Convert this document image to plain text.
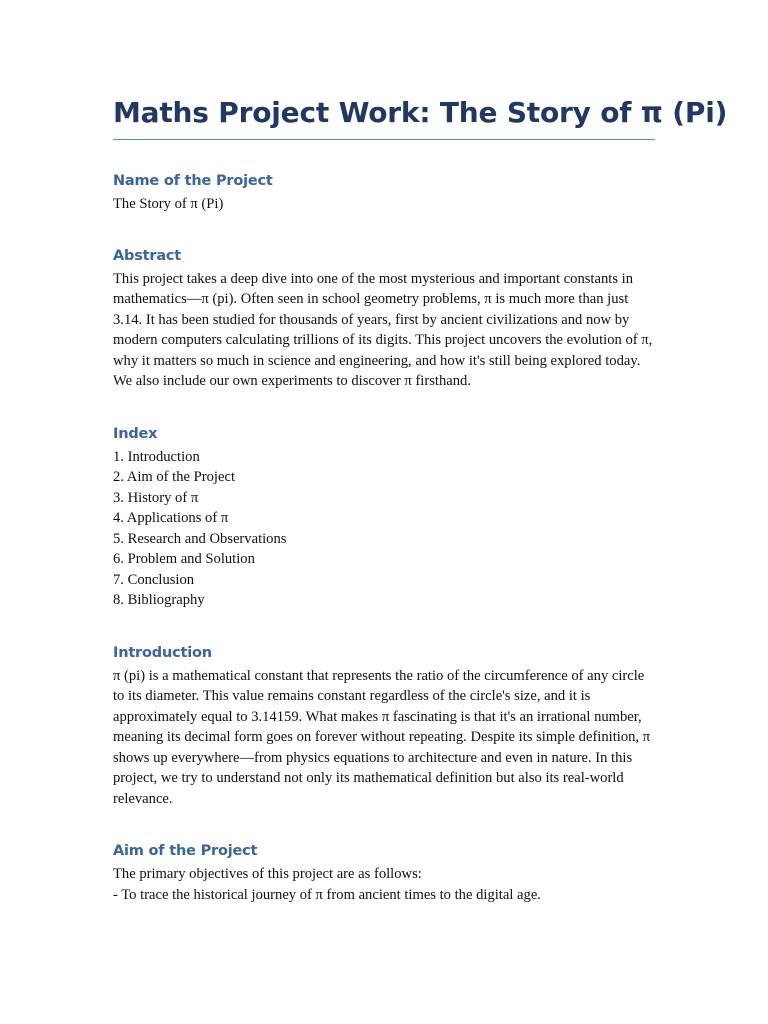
Maths Project Work: The Story of π (Pi)
Name of the Project

The Story of π (Pi)

Abstract

This project takes a deep dive into one of the most mysterious and important constants in mathematics—π (pi). Often seen in school geometry problems, π is much more than just 3.14. It has been studied for thousands of years, first by ancient civilizations and now by modern computers calculating trillions of its digits. This project uncovers the evolution of π, why it matters so much in science and engineering, and how it's still being explored today. We also include our own experiments to discover π firsthand.

Index
1. Introduction
2. Aim of the Project
3. History of π
4. Applications of π
5. Research and Observations
6. Problem and Solution
7. Conclusion
8. Bibliography
Introduction

π (pi) is a mathematical constant that represents the ratio of the circumference of any circle to its diameter. This value remains constant regardless of the circle's size, and it is approximately equal to 3.14159. What makes π fascinating is that it's an irrational number, meaning its decimal form goes on forever without repeating. Despite its simple definition, π shows up everywhere—from physics equations to architecture and even in nature. In this project, we try to understand not only its mathematical definition but also its real-world relevance.

Aim of the Project

The primary objectives of this project are as follows:

- To trace the historical journey of π from ancient times to the digital age.
